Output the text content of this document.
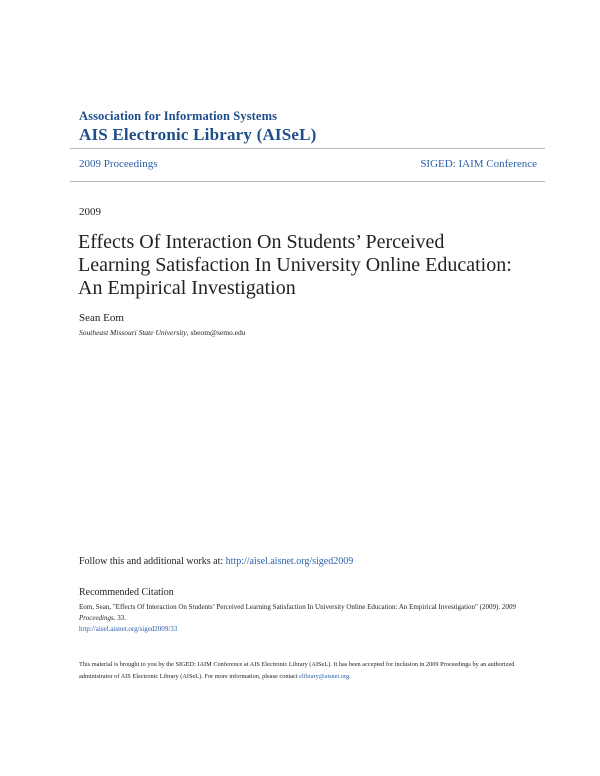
Association for Information Systems
AIS Electronic Library (AISeL)
2009 Proceedings	SIGED: IAIM Conference
2009
Effects Of Interaction On Students’ Perceived Learning Satisfaction In University Online Education: An Empirical Investigation
Sean Eom
Southeast Missouri State University, sbeom@semo.edu
Follow this and additional works at: http://aisel.aisnet.org/siged2009
Recommended Citation
Eom, Sean, "Effects Of Interaction On Students’ Perceived Learning Satisfaction In University Online Education: An Empirical Investigation" (2009). 2009 Proceedings. 33.
http://aisel.aisnet.org/siged2009/33
This material is brought to you by the SIGED: IAIM Conference at AIS Electronic Library (AISeL). It has been accepted for inclusion in 2009 Proceedings by an authorized administrator of AIS Electronic Library (AISeL). For more information, please contact elibrary@aisnet.org.
